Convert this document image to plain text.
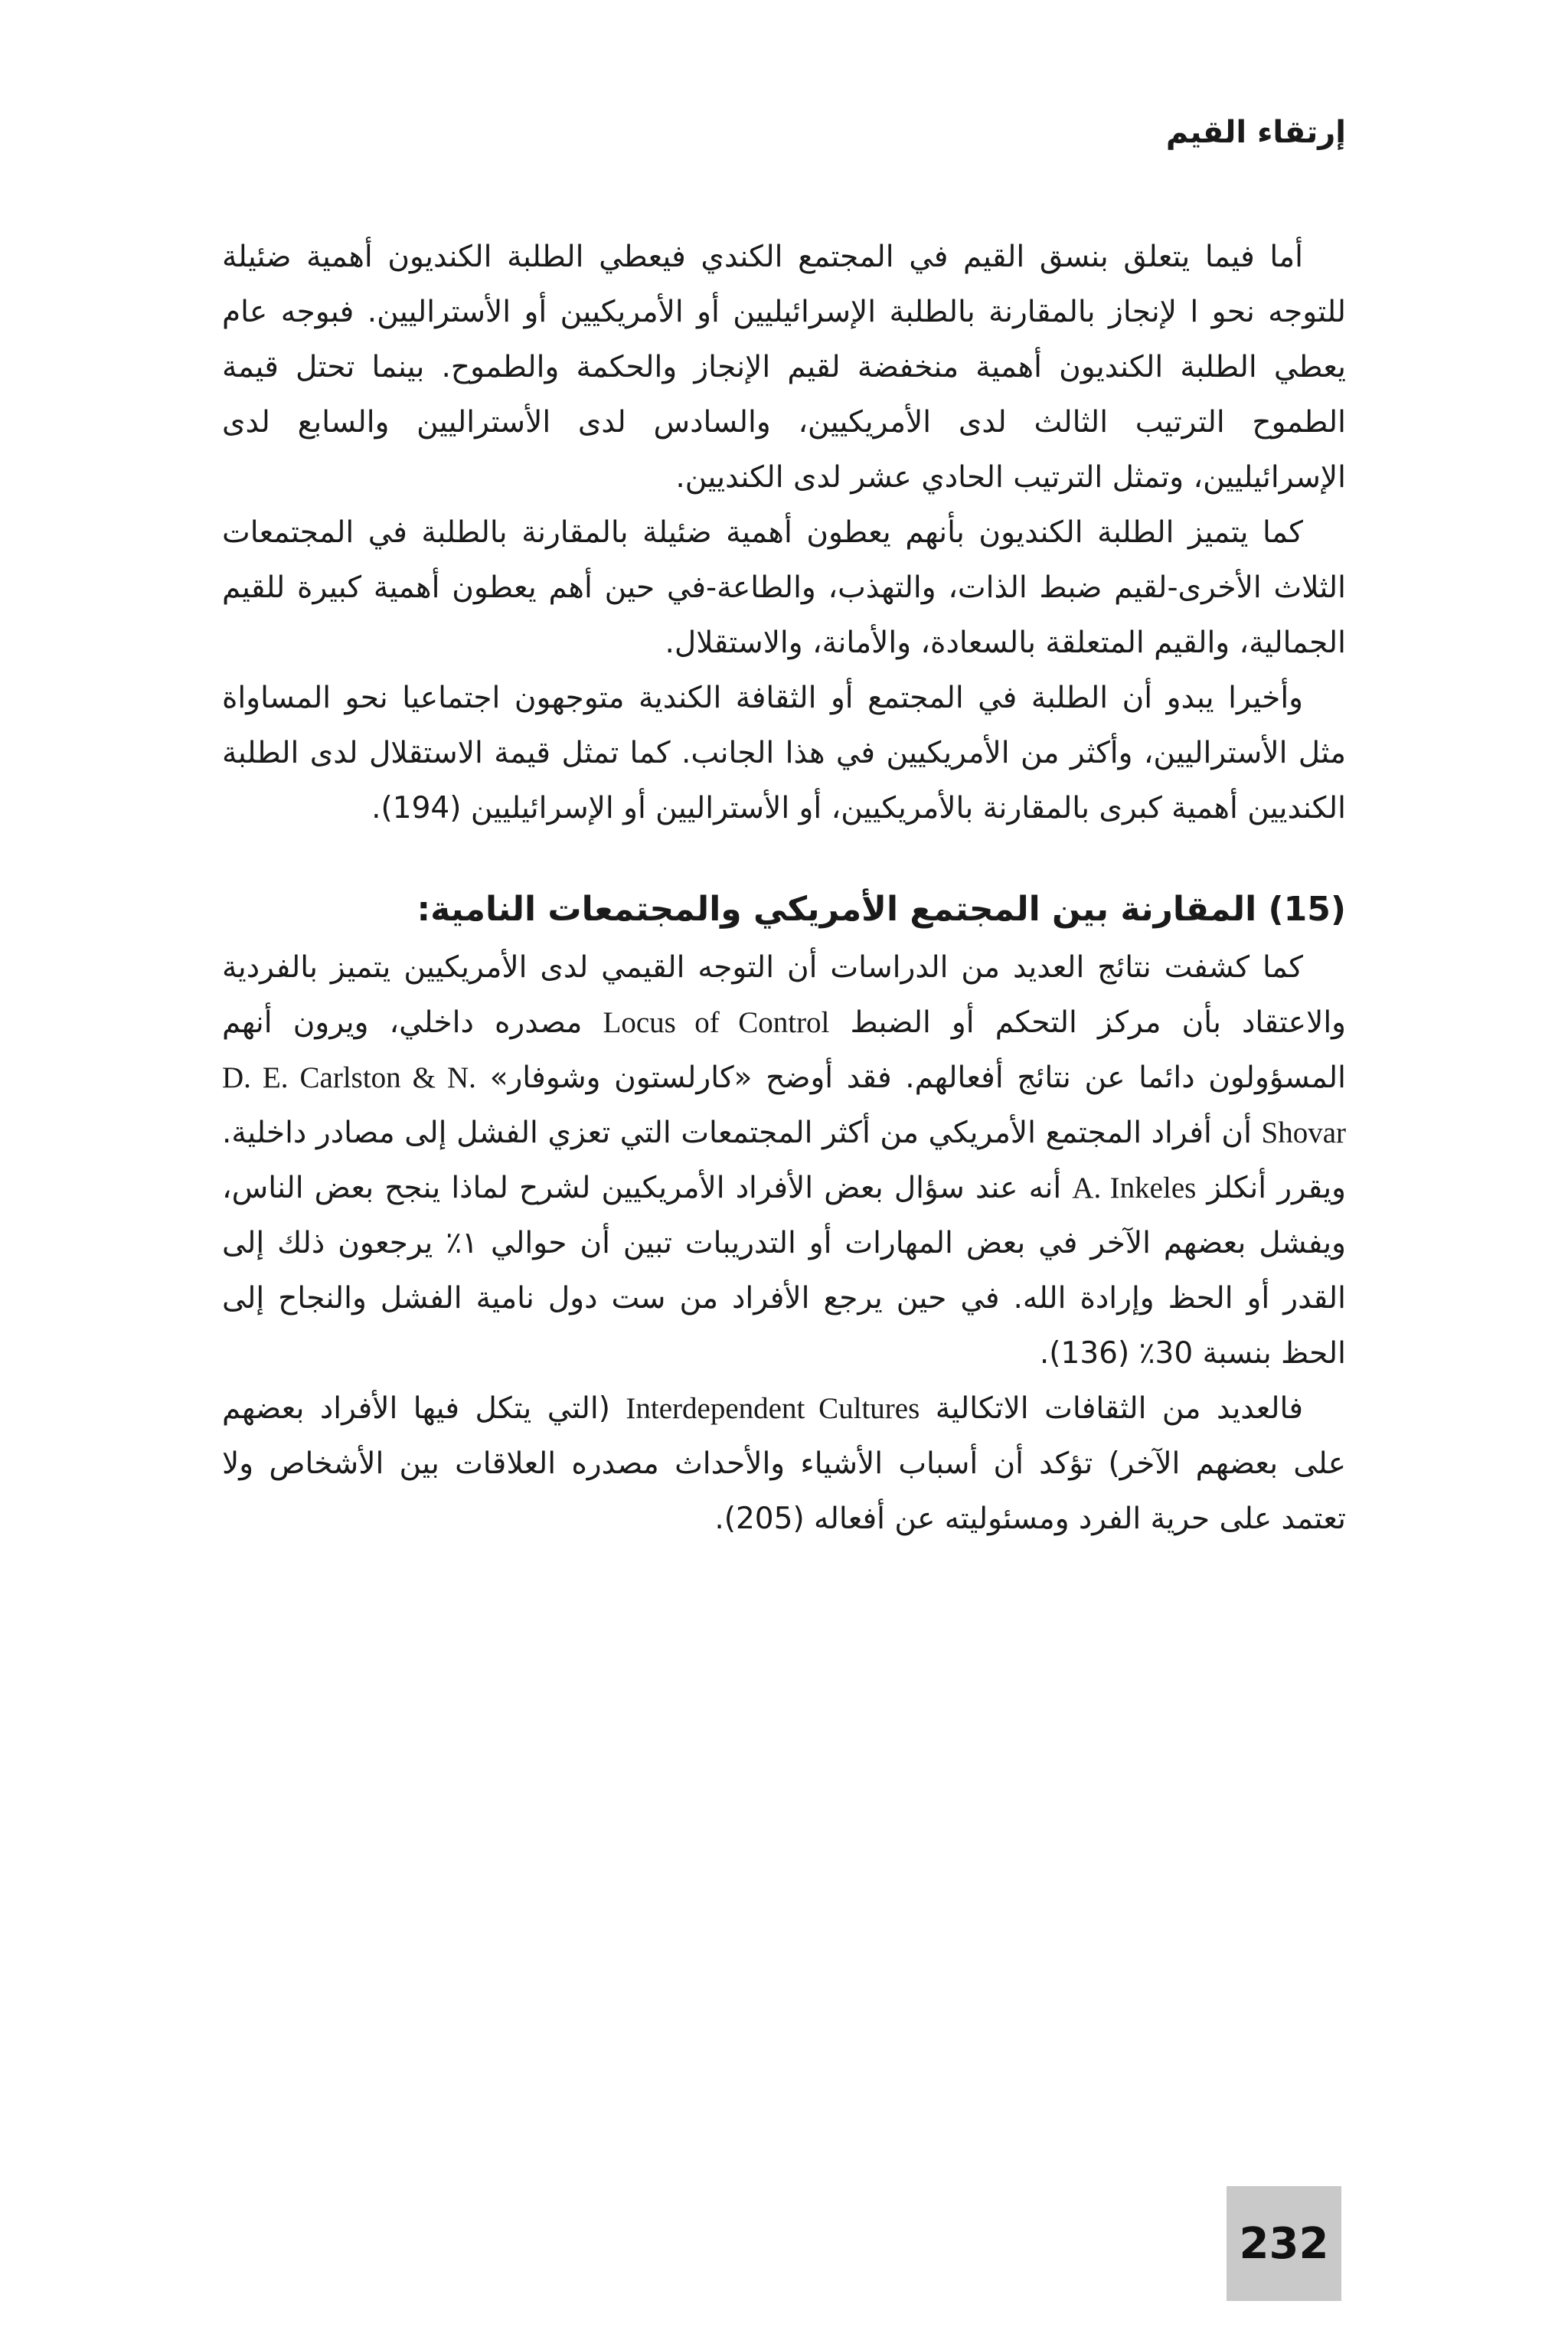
إرتقاء القيم

أما فيما يتعلق بنسق القيم في المجتمع الكندي فيعطي الطلبة الكنديون أهمية ضئيلة للتوجه نحو ا لإنجاز بالمقارنة بالطلبة الإسرائيليين أو الأمريكيين أو الأستراليين. فبوجه عام يعطي الطلبة الكنديون أهمية منخفضة لقيم الإنجاز والحكمة والطموح. بينما تحتل قيمة الطموح الترتيب الثالث لدى الأمريكيين، والسادس لدى الأستراليين والسابع لدى الإسرائيليين، وتمثل الترتيب الحادي عشر لدى الكنديين.

كما يتميز الطلبة الكنديون بأنهم يعطون أهمية ضئيلة بالمقارنة بالطلبة في المجتمعات الثلاث الأخرى-لقيم ضبط الذات، والتهذب، والطاعة-في حين أهم يعطون أهمية كبيرة للقيم الجمالية، والقيم المتعلقة بالسعادة، والأمانة، والاستقلال.

وأخيرا يبدو أن الطلبة في المجتمع أو الثقافة الكندية متوجهون اجتماعيا نحو المساواة مثل الأستراليين، وأكثر من الأمريكيين في هذا الجانب. كما تمثل قيمة الاستقلال لدى الطلبة الكنديين أهمية كبرى بالمقارنة بالأمريكيين، أو الأستراليين أو الإسرائيليين (194).

(15) المقارنة بين المجتمع الأمريكي والمجتمعات النامية:

كما كشفت نتائج العديد من الدراسات أن التوجه القيمي لدى الأمريكيين يتميز بالفردية والاعتقاد بأن مركز التحكم أو الضبط Locus of Control مصدره داخلي، ويرون أنهم المسؤولون دائما عن نتائج أفعالهم. فقد أوضح «كارلستون وشوفار» D. E. Carlston & N. Shovar أن أفراد المجتمع الأمريكي من أكثر المجتمعات التي تعزي الفشل إلى مصادر داخلية. ويقرر أنكلز A. Inkeles أنه عند سؤال بعض الأفراد الأمريكيين لشرح لماذا ينجح بعض الناس، ويفشل بعضهم الآخر في بعض المهارات أو التدريبات تبين أن حوالي ١٪ يرجعون ذلك إلى القدر أو الحظ وإرادة الله. في حين يرجع الأفراد من ست دول نامية الفشل والنجاح إلى الحظ بنسبة 30٪ (136).

فالعديد من الثقافات الاتكالية Interdependent Cultures (التي يتكل فيها الأفراد بعضهم على بعضهم الآخر) تؤكد أن أسباب الأشياء والأحداث مصدره العلاقات بين الأشخاص ولا تعتمد على حرية الفرد ومسئوليته عن أفعاله (205).

232
